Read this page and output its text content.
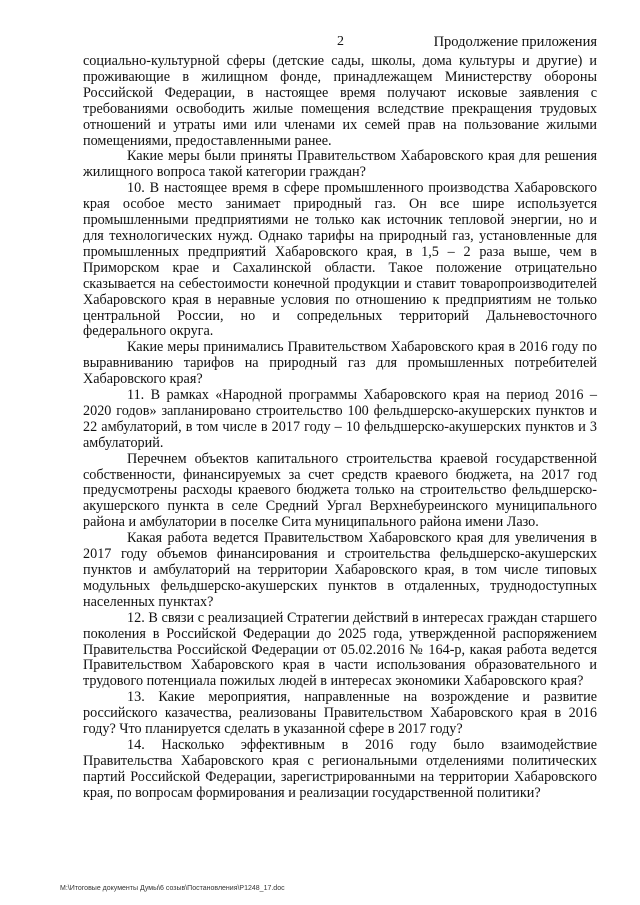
2	Продолжение приложения

социально-культурной сферы (детские сады, школы, дома культуры и другие) и проживающие в жилищном фонде, принадлежащем Министерству обороны Российской Федерации, в настоящее время получают исковые заявления с требованиями освободить жилые помещения вследствие прекращения трудовых отношений и утраты ими или членами их семей прав на пользование жилыми помещениями, предоставленными ранее.

Какие меры были приняты Правительством Хабаровского края для решения жилищного вопроса такой категории граждан?

10. В настоящее время в сфере промышленного производства Хабаровского края особое место занимает природный газ. Он все шире используется промышленными предприятиями не только как источник тепловой энергии, но и для технологических нужд. Однако тарифы на природный газ, установленные для промышленных предприятий Хабаровского края, в 1,5 – 2 раза выше, чем в Приморском крае и Сахалинской области. Такое положение отрицательно сказывается на себестоимости конечной продукции и ставит товаропроизводителей Хабаровского края в неравные условия по отношению к предприятиям не только центральной России, но и сопредельных территорий Дальневосточного федерального округа.

Какие меры принимались Правительством Хабаровского края в 2016 году по выравниванию тарифов на природный газ для промышленных потребителей Хабаровского края?

11. В рамках «Народной программы Хабаровского края на период 2016 – 2020 годов» запланировано строительство 100 фельдшерско-акушерских пунктов и 22 амбулаторий, в том числе в 2017 году – 10 фельдшерско-акушерских пунктов и 3 амбулаторий.

Перечнем объектов капитального строительства краевой государственной собственности, финансируемых за счет средств краевого бюджета, на 2017 год предусмотрены расходы краевого бюджета только на строительство фельдшерско-акушерского пункта в селе Средний Ургал Верхнебуреинского муниципального района и амбулатории в поселке Сита муниципального района имени Лазо.

Какая работа ведется Правительством Хабаровского края для увеличения в 2017 году объемов финансирования и строительства фельдшерско-акушерских пунктов и амбулаторий на территории Хабаровского края, в том числе типовых модульных фельдшерско-акушерских пунктов в отдаленных, труднодоступных населенных пунктах?

12. В связи с реализацией Стратегии действий в интересах граждан старшего поколения в Российской Федерации до 2025 года, утвержденной распоряжением Правительства Российской Федерации от 05.02.2016 № 164-р, какая работа ведется Правительством Хабаровского края в части использования образовательного и трудового потенциала пожилых людей в интересах экономики Хабаровского края?

13. Какие мероприятия, направленные на возрождение и развитие российского казачества, реализованы Правительством Хабаровского края в 2016 году? Что планируется сделать в указанной сфере в 2017 году?

14. Насколько эффективным в 2016 году было взаимодействие Правительства Хабаровского края с региональными отделениями политических партий Российской Федерации, зарегистрированными на территории Хабаровского края, по вопросам формирования и реализации государственной политики?

M:\Итоговые документы Думы\6 созыв\Постановления\P1248_17.doc
